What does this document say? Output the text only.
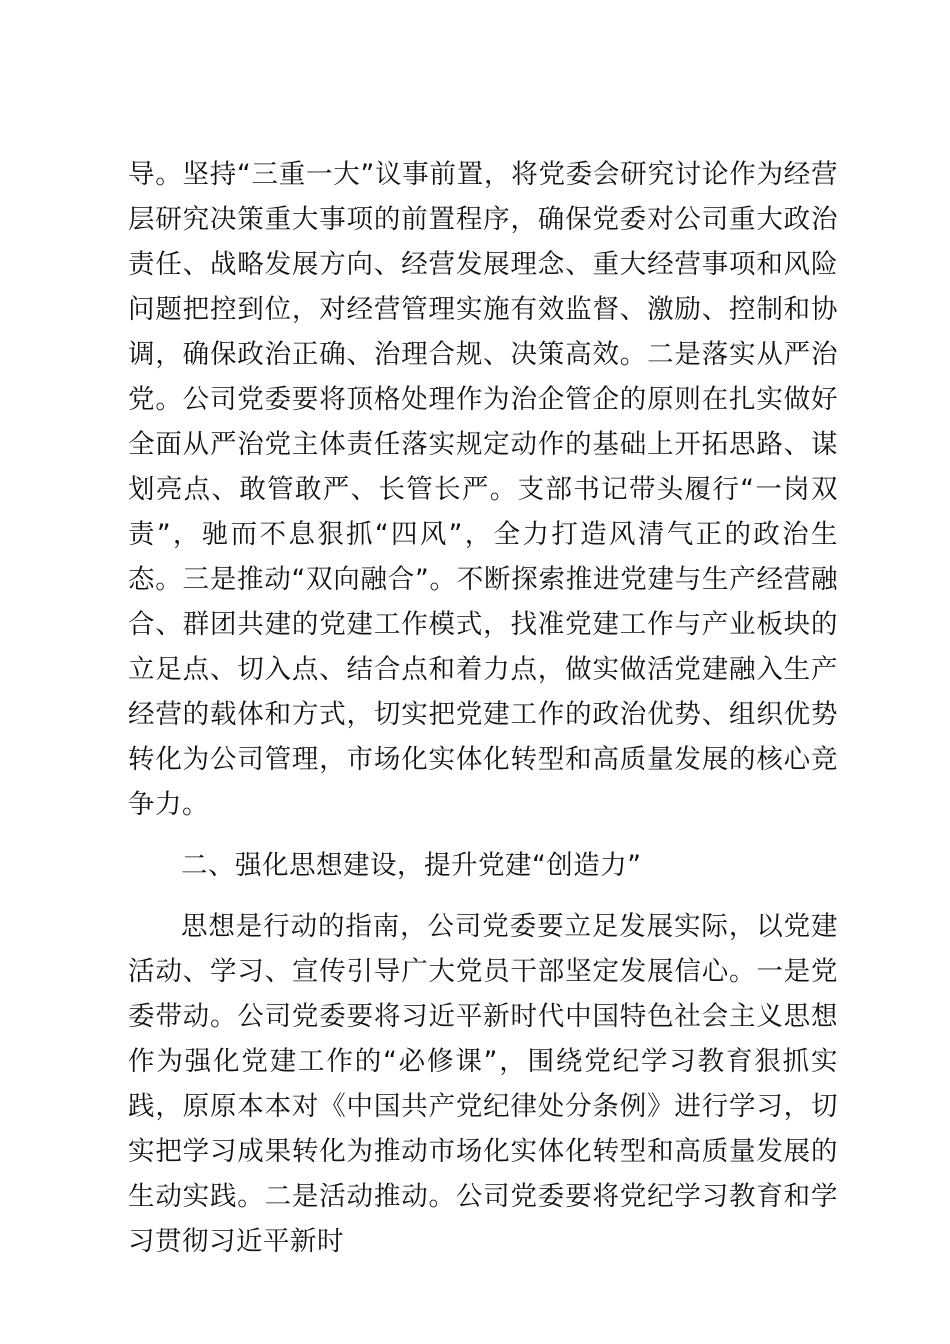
导。坚持“三重一大”议事前置，将党委会研究讨论作为经营层研究决策重大事项的前置程序，确保党委对公司重大政治责任、战略发展方向、经营发展理念、重大经营事项和风险问题把控到位，对经营管理实施有效监督、激励、控制和协调，确保政治正确、治理合规、决策高效。二是落实从严治党。公司党委要将顶格处理作为治企管企的原则在扎实做好全面从严治党主体责任落实规定动作的基础上开拓思路、谋划亮点、敢管敢严、长管长严。支部书记带头履行“一岗双责”，驰而不息狠抓“四风”，全力打造风清气正的政治生态。三是推动“双向融合”。不断探索推进党建与生产经营融合、群团共建的党建工作模式，找准党建工作与产业板块的立足点、切入点、结合点和着力点，做实做活党建融入生产经营的载体和方式，切实把党建工作的政治优势、组织优势转化为公司管理，市场化实体化转型和高质量发展的核心竞争力。

二、强化思想建设，提升党建“创造力”

思想是行动的指南，公司党委要立足发展实际，以党建活动、学习、宣传引导广大党员干部坚定发展信心。一是党委带动。公司党委要将习近平新时代中国特色社会主义思想作为强化党建工作的“必修课”，围绕党纪学习教育狠抓实践，原原本本对《中国共产党纪律处分条例》进行学习，切实把学习成果转化为推动市场化实体化转型和高质量发展的生动实践。二是活动推动。公司党委要将党纪学习教育和学习贯彻习近平新时
